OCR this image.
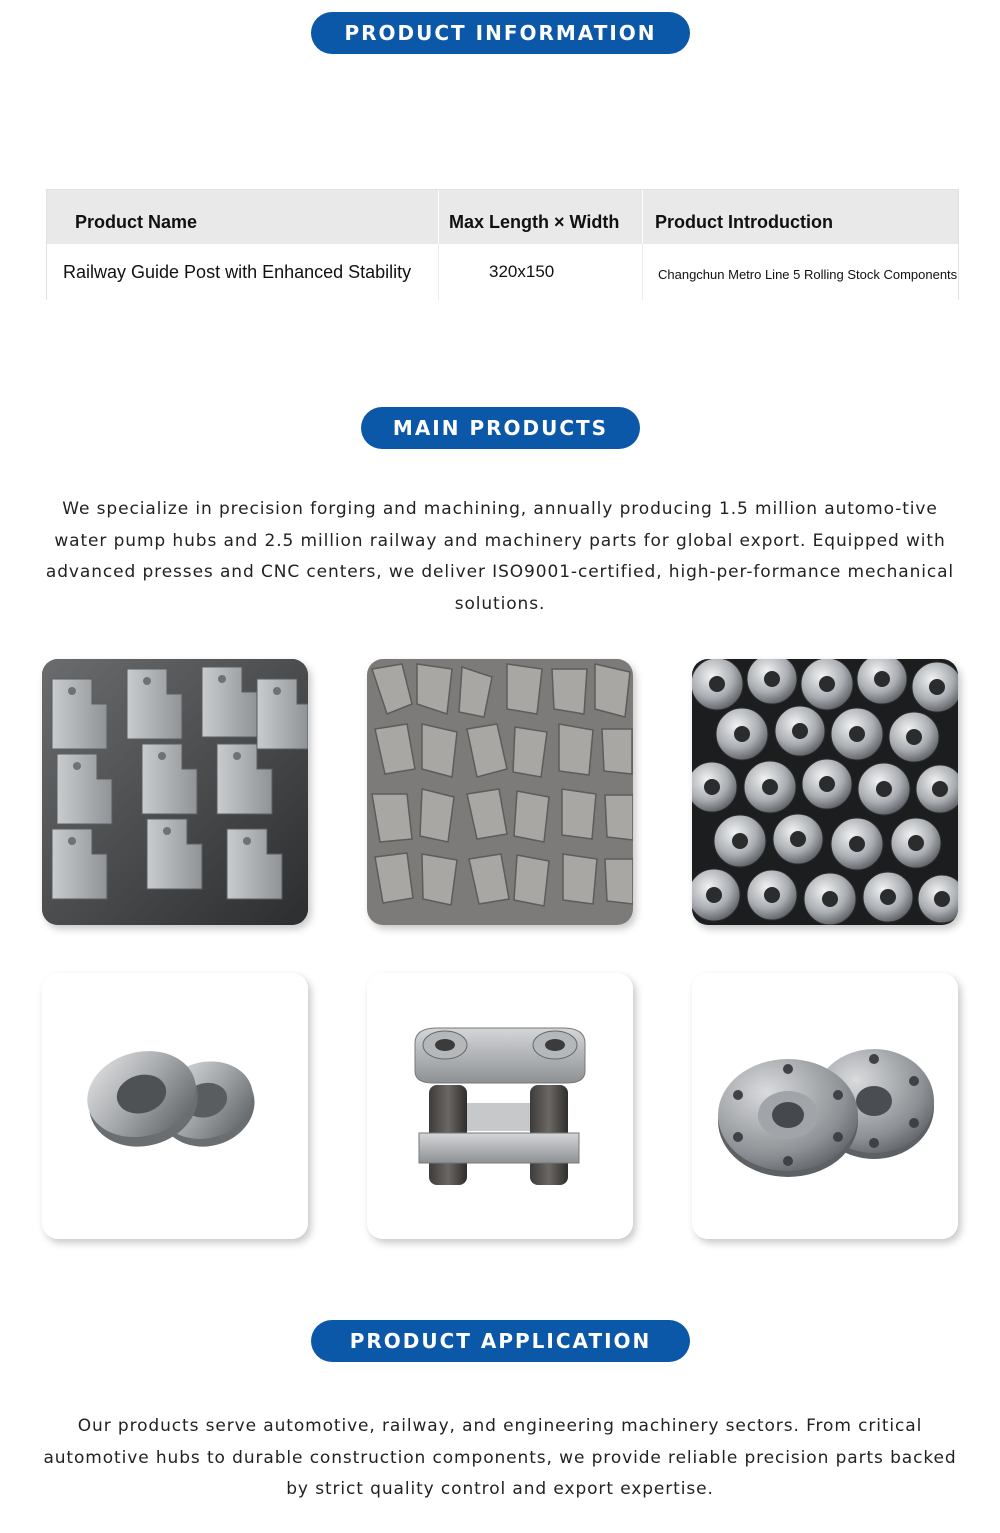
PRODUCT INFORMATION
Product Name	Max Length × Width	Product Introduction
Railway Guide Post with Enhanced Stability	320x150	Changchun Metro Line 5 Rolling Stock Components
MAIN PRODUCTS

We specialize in precision forging and machining, annually producing 1.5 million automo-tive water pump hubs and 2.5 million railway and machinery parts for global export. Equipped with advanced presses and CNC centers, we deliver ISO9001-certified, high-per-formance mechanical solutions.

PRODUCT APPLICATION

Our products serve automotive, railway, and engineering machinery sectors. From critical automotive hubs to durable construction components, we provide reliable precision parts backed by strict quality control and export expertise.
